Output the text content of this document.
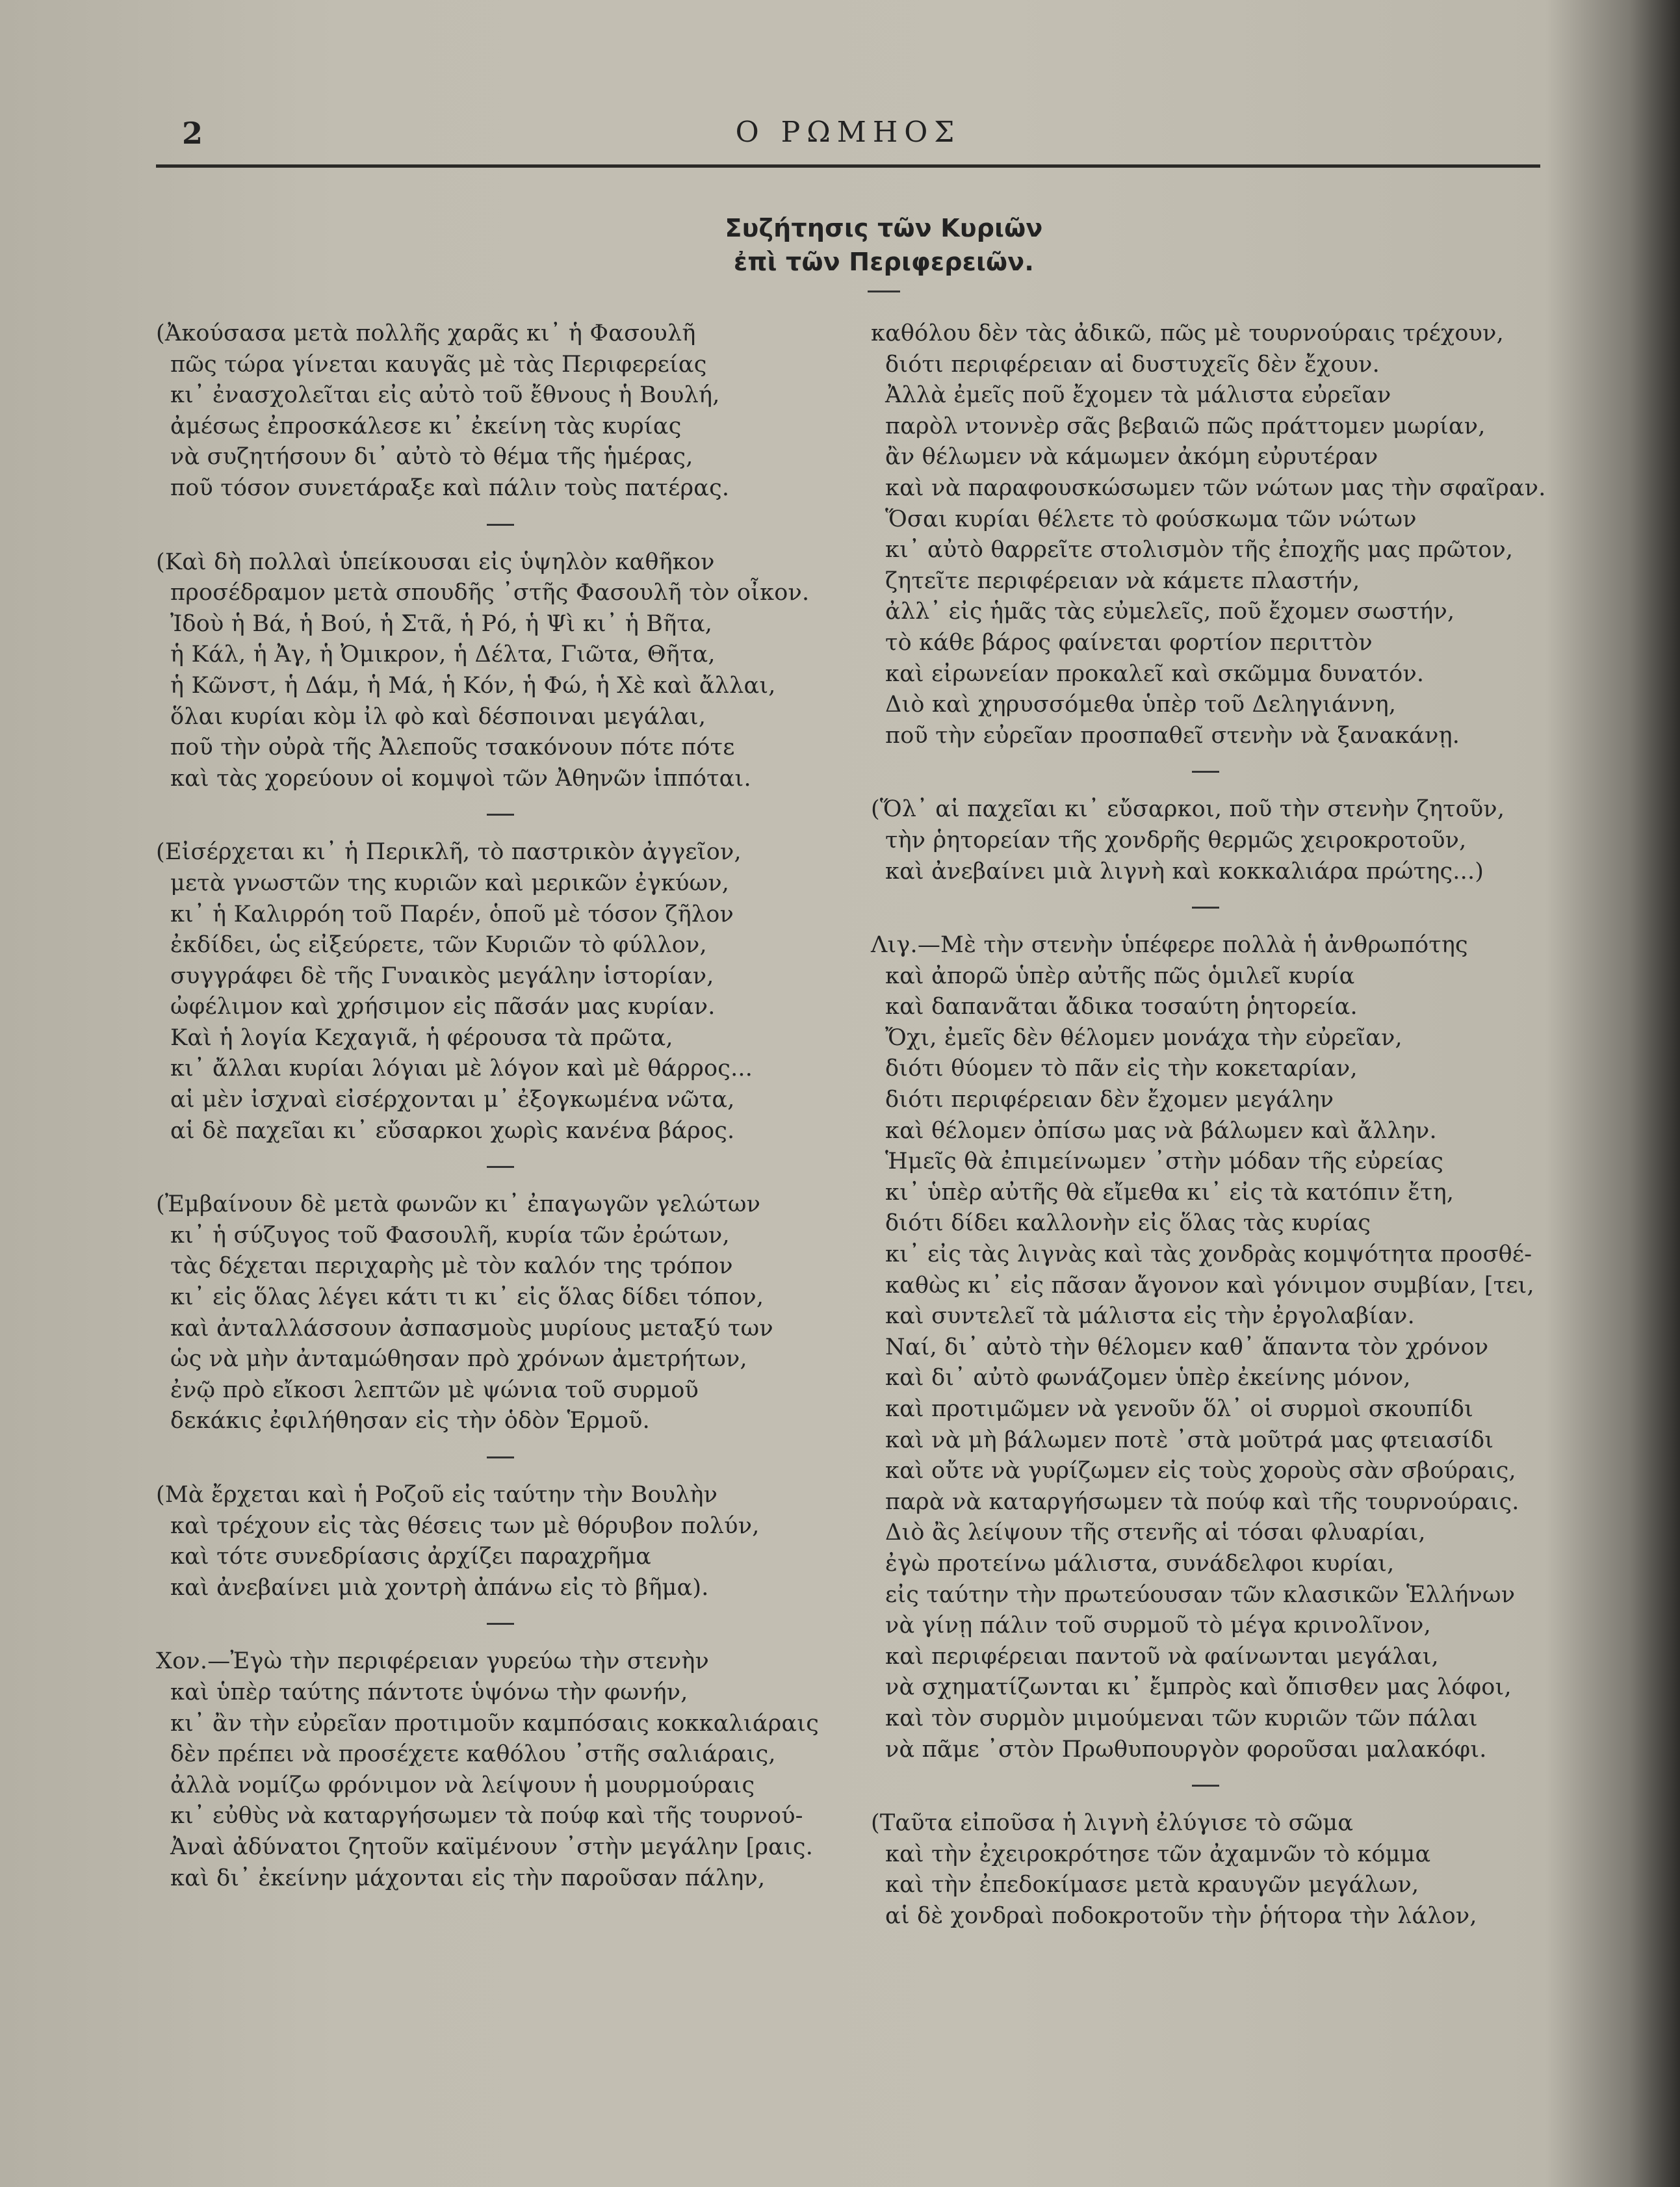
2	Ο ΡΩΜΗΟΣ
Συζήτησις τῶν Κυριῶν
ἐπὶ τῶν Περιφερειῶν.
(Ἀκούσασα μετὰ πολλῆς χαρᾶς κι᾽ ἡ Φασουλῆ
πῶς τώρα γίνεται καυγᾶς μὲ τὰς Περιφερείας
κι᾽ ἐνασχολεῖται εἰς αὐτὸ τοῦ ἔθνους ἡ Βουλή,
ἀμέσως ἐπροσκάλεσε κι᾽ ἐκείνη τὰς κυρίας
νὰ συζητήσουν δι᾽ αὐτὸ τὸ θέμα τῆς ἡμέρας,
ποῦ τόσον συνετάραξε καὶ πάλιν τοὺς πατέρας.
(Καὶ δὴ πολλαὶ ὑπείκουσαι εἰς ὑψηλὸν καθῆκον
προσέδραμον μετὰ σπουδῆς ᾽στῆς Φασουλῆ τὸν οἶκον.
Ἰδοὺ ἡ Βά, ἡ Βού, ἡ Στᾶ, ἡ Ρό, ἡ Ψὶ κι᾽ ἡ Βῆτα,
ἡ Κάλ, ἡ Ἀγ, ἡ Ὀμικρον, ἡ Δέλτα, Γιῶτα, Θῆτα,
ἡ Κῶνστ, ἡ Δάμ, ἡ Μά, ἡ Κόν, ἡ Φώ, ἡ Χὲ καὶ ἄλλαι,
ὅλαι κυρίαι κὸμ ἰλ φὸ καὶ δέσποιναι μεγάλαι,
ποῦ τὴν οὐρὰ τῆς Ἀλεποῦς τσακόνουν πότε πότε
καὶ τὰς χορεύουν οἱ κομψοὶ τῶν Ἀθηνῶν ἱππόται.
(Εἰσέρχεται κι᾽ ἡ Περικλῆ, τὸ παστρικὸν ἀγγεῖον,
μετὰ γνωστῶν της κυριῶν καὶ μερικῶν ἐγκύων,
κι᾽ ἡ Καλιρρόη τοῦ Παρέν, ὁποῦ μὲ τόσον ζῆλον
ἐκδίδει, ὡς εἰξεύρετε, τῶν Κυριῶν τὸ φύλλον,
συγγράφει δὲ τῆς Γυναικὸς μεγάλην ἱστορίαν,
ὠφέλιμον καὶ χρήσιμον εἰς πᾶσάν μας κυρίαν.
Καὶ ἡ λογία Κεχαγιᾶ, ἡ φέρουσα τὰ πρῶτα,
κι᾽ ἄλλαι κυρίαι λόγιαι μὲ λόγον καὶ μὲ θάρρος...
αἱ μὲν ἰσχναὶ εἰσέρχονται μ᾽ ἐξογκωμένα νῶτα,
αἱ δὲ παχεῖαι κι᾽ εὔσαρκοι χωρὶς κανένα βάρος.
(Ἐμβαίνουν δὲ μετὰ φωνῶν κι᾽ ἐπαγωγῶν γελώτων
κι᾽ ἡ σύζυγος τοῦ Φασουλῆ, κυρία τῶν ἐρώτων,
τὰς δέχεται περιχαρὴς μὲ τὸν καλόν της τρόπον
κι᾽ εἰς ὅλας λέγει κάτι τι κι᾽ εἰς ὅλας δίδει τόπον,
καὶ ἀνταλλάσσουν ἀσπασμοὺς μυρίους μεταξύ των
ὡς νὰ μὴν ἀνταμώθησαν πρὸ χρόνων ἀμετρήτων,
ἐνῷ πρὸ εἴκοσι λεπτῶν μὲ ψώνια τοῦ συρμοῦ
δεκάκις ἐφιλήθησαν εἰς τὴν ὁδὸν Ἑρμοῦ.
(Μὰ ἔρχεται καὶ ἡ Ροζοῦ εἰς ταύτην τὴν Βουλὴν
καὶ τρέχουν εἰς τὰς θέσεις των μὲ θόρυβον πολύν,
καὶ τότε συνεδρίασις ἀρχίζει παραχρῆμα
καὶ ἀνεβαίνει μιὰ χοντρὴ ἀπάνω εἰς τὸ βῆμα).
Χον.—Ἐγὼ τὴν περιφέρειαν γυρεύω τὴν στενὴν
καὶ ὑπὲρ ταύτης πάντοτε ὑψόνω τὴν φωνήν,
κι᾽ ἂν τὴν εὐρεῖαν προτιμοῦν καμπόσαις κοκκαλιάραις
δὲν πρέπει νὰ προσέχετε καθόλου ᾽στῆς σαλιάραις,
ἀλλὰ νομίζω φρόνιμον νὰ λείψουν ἡ μουρμούραις
κι᾽ εὐθὺς νὰ καταργήσωμεν τὰ πούφ καὶ τῆς τουρνού-
Ἀναὶ ἀδύνατοι ζητοῦν καϊμένουν ᾽στὴν μεγάλην [ραις.
καὶ δι᾽ ἐκείνην μάχονται εἰς τὴν παροῦσαν πάλην,
καθόλου δὲν τὰς ἀδικῶ, πῶς μὲ τουρνούραις τρέχουν,
διότι περιφέρειαν αἱ δυστυχεῖς δὲν ἔχουν.
Ἀλλὰ ἐμεῖς ποῦ ἔχομεν τὰ μάλιστα εὐρεῖαν
παρὸλ ντοννὲρ σᾶς βεβαιῶ πῶς πράττομεν μωρίαν,
ἂν θέλωμεν νὰ κάμωμεν ἀκόμη εὐρυτέραν
καὶ νὰ παραφουσκώσωμεν τῶν νώτων μας τὴν σφαῖραν.
Ὅσαι κυρίαι θέλετε τὸ φούσκωμα τῶν νώτων
κι᾽ αὐτὸ θαρρεῖτε στολισμὸν τῆς ἐποχῆς μας πρῶτον,
ζητεῖτε περιφέρειαν νὰ κάμετε πλαστήν,
ἀλλ᾽ εἰς ἡμᾶς τὰς εὐμελεῖς, ποῦ ἔχομεν σωστήν,
τὸ κάθε βάρος φαίνεται φορτίον περιττὸν
καὶ εἰρωνείαν προκαλεῖ καὶ σκῶμμα δυνατόν.
Διὸ καὶ χηρυσσόμεθα ὑπὲρ τοῦ Δεληγιάννη,
ποῦ τὴν εὐρεῖαν προσπαθεῖ στενὴν νὰ ξανακάνῃ.
(Ὅλ᾽ αἱ παχεῖαι κι᾽ εὔσαρκοι, ποῦ τὴν στενὴν ζητοῦν,
τὴν ῥητορείαν τῆς χονδρῆς θερμῶς χειροκροτοῦν,
καὶ ἀνεβαίνει μιὰ λιγνὴ καὶ κοκκαλιάρα πρώτης...)
Λιγ.—Μὲ τὴν στενὴν ὑπέφερε πολλὰ ἡ ἀνθρωπότης
καὶ ἀπορῶ ὑπὲρ αὐτῆς πῶς ὁμιλεῖ κυρία
καὶ δαπανᾶται ἄδικα τοσαύτη ῥητορεία.
Ὄχι, ἐμεῖς δὲν θέλομεν μονάχα τὴν εὐρεῖαν,
διότι θύομεν τὸ πᾶν εἰς τὴν κοκεταρίαν,
διότι περιφέρειαν δὲν ἔχομεν μεγάλην
καὶ θέλομεν ὀπίσω μας νὰ βάλωμεν καὶ ἄλλην.
Ἡμεῖς θὰ ἐπιμείνωμεν ᾽στὴν μόδαν τῆς εὐρείας
κι᾽ ὑπὲρ αὐτῆς θὰ εἴμεθα κι᾽ εἰς τὰ κατόπιν ἔτη,
διότι δίδει καλλονὴν εἰς ὅλας τὰς κυρίας
κι᾽ εἰς τὰς λιγνὰς καὶ τὰς χονδρὰς κομψότητα προσθέ-
καθὼς κι᾽ εἰς πᾶσαν ἄγονον καὶ γόνιμον συμβίαν, [τει,
καὶ συντελεῖ τὰ μάλιστα εἰς τὴν ἐργολαβίαν.
Ναί, δι᾽ αὐτὸ τὴν θέλομεν καθ᾽ ἅπαντα τὸν χρόνον
καὶ δι᾽ αὐτὸ φωνάζομεν ὑπὲρ ἐκείνης μόνον,
καὶ προτιμῶμεν νὰ γενοῦν ὅλ᾽ οἱ συρμοὶ σκουπίδι
καὶ νὰ μὴ βάλωμεν ποτὲ ᾽στὰ μοῦτρά μας φτειασίδι
καὶ οὔτε νὰ γυρίζωμεν εἰς τοὺς χοροὺς σὰν σβούραις,
παρὰ νὰ καταργήσωμεν τὰ πούφ καὶ τῆς τουρνούραις.
Διὸ ἂς λείψουν τῆς στενῆς αἱ τόσαι φλυαρίαι,
ἐγὼ προτείνω μάλιστα, συνάδελφοι κυρίαι,
εἰς ταύτην τὴν πρωτεύουσαν τῶν κλασικῶν Ἑλλήνων
νὰ γίνῃ πάλιν τοῦ συρμοῦ τὸ μέγα κρινολῖνον,
καὶ περιφέρειαι παντοῦ νὰ φαίνωνται μεγάλαι,
νὰ σχηματίζωνται κι᾽ ἔμπρὸς καὶ ὄπισθεν μας λόφοι,
καὶ τὸν συρμὸν μιμούμεναι τῶν κυριῶν τῶν πάλαι
νὰ πᾶμε ᾽στὸν Πρωθυπουργὸν φοροῦσαι μαλακόφι.
(Ταῦτα εἰποῦσα ἡ λιγνὴ ἐλύγισε τὸ σῶμα
καὶ τὴν ἐχειροκρότησε τῶν ἀχαμνῶν τὸ κόμμα
καὶ τὴν ἐπεδοκίμασε μετὰ κραυγῶν μεγάλων,
αἱ δὲ χονδραὶ ποδοκροτοῦν τὴν ῥήτορα τὴν λάλον,
